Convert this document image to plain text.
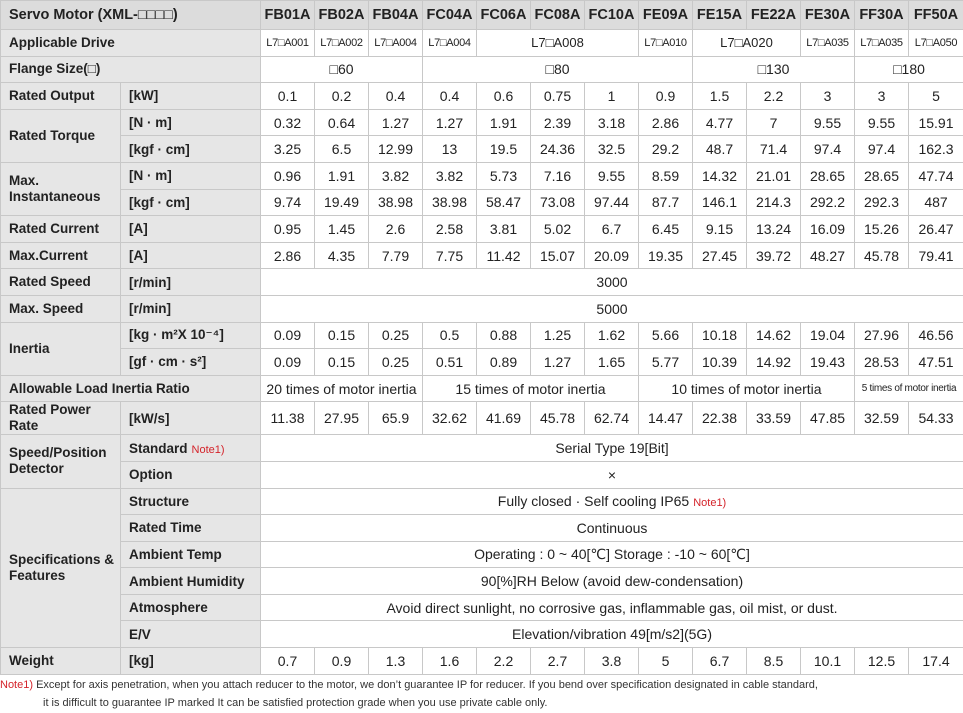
Servo Motor (XML-□□□□)		FB01A	FB02A	FB04A	FC04A	FC06A	FC08A	FC10A	FE09A	FE15A	FE22A	FE30A	FF30A	FF50A
Applicable Drive		L7□A001	L7□A002	L7□A004	L7□A004	L7□A008			L7□A010	L7□A020		L7□A035	L7□A035	L7□A050
Flange Size(□)		□60			□80					□130			□180	
Rated Output	[kW]	0.1	0.2	0.4	0.4	0.6	0.75	1	0.9	1.5	2.2	3	3	5
Rated Torque	[N · m]	0.32	0.64	1.27	1.27	1.91	2.39	3.18	2.86	4.77	7	9.55	9.55	15.91
	[kgf · cm]	3.25	6.5	12.99	13	19.5	24.36	32.5	29.2	48.7	71.4	97.4	97.4	162.3
Max. Instantaneous	[N · m]	0.96	1.91	3.82	3.82	5.73	7.16	9.55	8.59	14.32	21.01	28.65	28.65	47.74
	[kgf · cm]	9.74	19.49	38.98	38.98	58.47	73.08	97.44	87.7	146.1	214.3	292.2	292.3	487
Rated Current	[A]	0.95	1.45	2.6	2.58	3.81	5.02	6.7	6.45	9.15	13.24	16.09	15.26	26.47
Max.Current	[A]	2.86	4.35	7.79	7.75	11.42	15.07	20.09	19.35	27.45	39.72	48.27	45.78	79.41
Rated Speed	[r/min]	3000												
Max. Speed	[r/min]	5000												
Inertia	[kg · m²X 10⁻⁴]	0.09	0.15	0.25	0.5	0.88	1.25	1.62	5.66	10.18	14.62	19.04	27.96	46.56
	[gf · cm · s²]	0.09	0.15	0.25	0.51	0.89	1.27	1.65	5.77	10.39	14.92	19.43	28.53	47.51
Allowable Load Inertia Ratio		20 times of motor inertia			15 times of motor inertia				10 times of motor inertia				5 times of motor inertia	
Rated Power Rate	[kW/s]	11.38	27.95	65.9	32.62	41.69	45.78	62.74	14.47	22.38	33.59	47.85	32.59	54.33
Speed/Position Detector	Standard Note1)	Serial Type 19[Bit]												
	Option	×												
Specifications & Features	Structure	Fully closed · Self cooling IP65 Note1)												
	Rated Time	Continuous												
	Ambient Temp	Operating : 0 ~ 40[℃] Storage : -10 ~ 60[℃]												
	Ambient Humidity	90[%]RH Below (avoid dew-condensation)												
	Atmosphere	Avoid direct sunlight, no corrosive gas, inflammable gas, oil mist, or dust.												
	E/V	Elevation/vibration 49[m/s2](5G)												
Weight	[kg]	0.7	0.9	1.3	1.6	2.2	2.7	3.8	5	6.7	8.5	10.1	12.5	17.4
Note1) Except for axis penetration, when you attach reducer to the motor, we don’t guarantee IP for reducer. If you bend over specification designated in cable standard,
it is difficult to guarantee IP marked It can be satisfied protection grade when you use private cable only.
